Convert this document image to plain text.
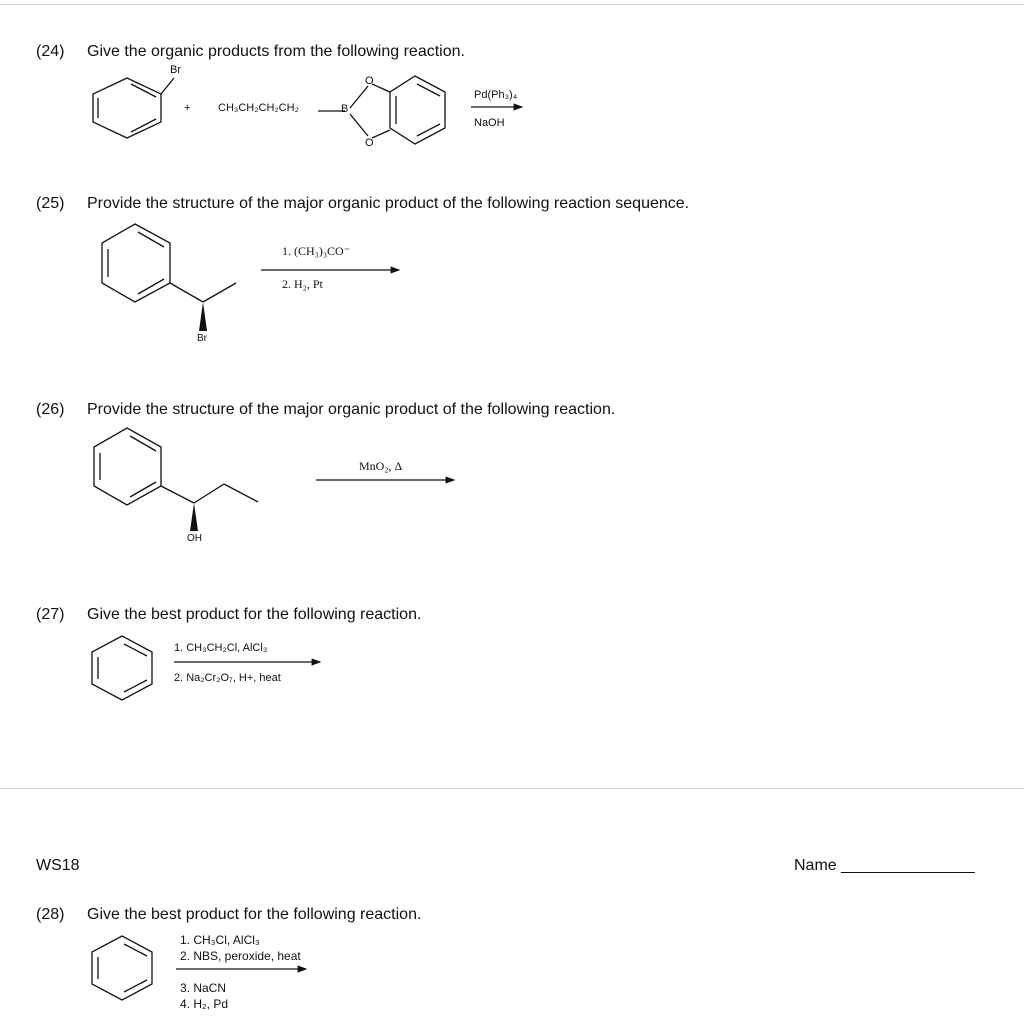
(24) Give the organic products from the following reaction.
(25) Provide the structure of the major organic product of the following reaction sequence.
(26) Provide the structure of the major organic product of the following reaction.
(27) Give the best product for the following reaction.
WS18	Name _______________
(28) Give the best product for the following reaction.
Br
+	CH₃CH₂CH₂CH₂	B
O
O
Pd(Ph₃)₄
NaOH
Br
1. (CH₃)₃CO⁻
2. H₂, Pt
OH
MnO₂, Δ
1. CH₃CH₂Cl, AlCl₃
2. Na₂Cr₂O₇, H+, heat
1. CH₃Cl, AlCl₃
2. NBS, peroxide, heat
3. NaCN
4. H₂, Pd
